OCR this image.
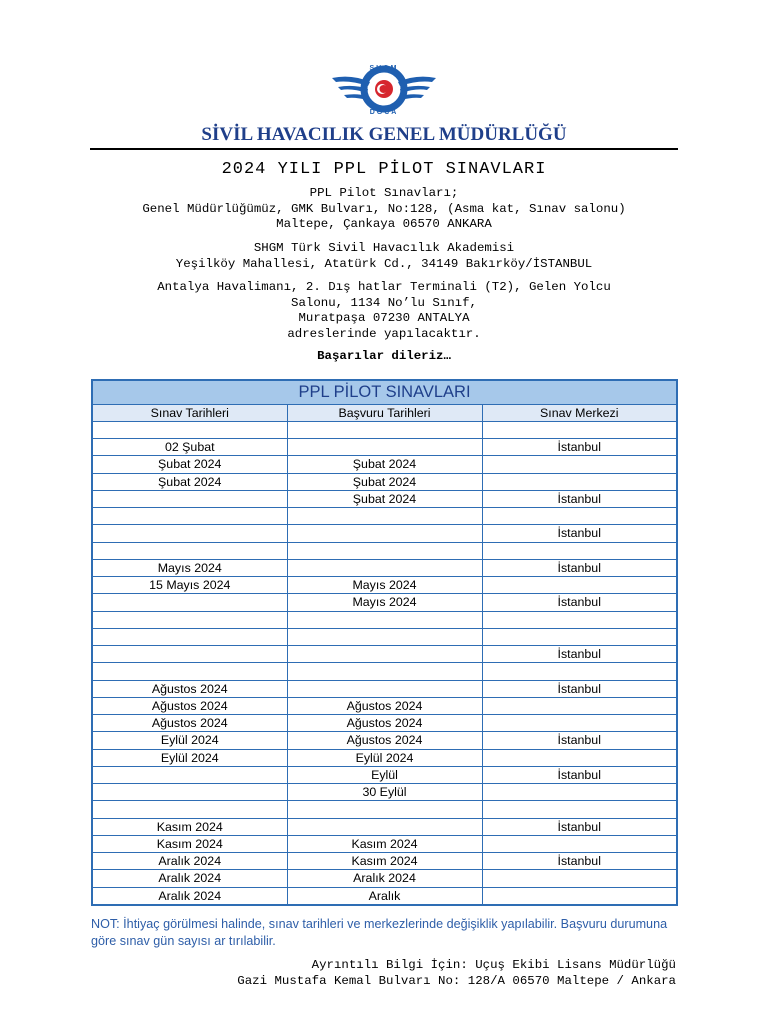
SHGM
DGCA
SİVİL HAVACILIK GENEL MÜDÜRLÜĞÜ
2024 YILI PPL PİLOT SINAVLARI
PPL Pilot Sınavları;
Genel Müdürlüğümüz, GMK Bulvarı, No:128, (Asma kat, Sınav salonu)
Maltepe, Çankaya 06570 ANKARA
SHGM Türk Sivil Havacılık Akademisi
Yeşilköy Mahallesi, Atatürk Cd., 34149 Bakırköy/İSTANBUL
Antalya Havalimanı, 2. Dış hatlar Terminali (T2), Gelen Yolcu
Salonu, 1134 No’lu Sınıf,
Muratpaşa 07230 ANTALYA
adreslerinde yapılacaktır.
Başarılar dileriz…
PPL PİLOT SINAVLARI		
Sınav Tarihleri	Başvuru Tarihleri	Sınav Merkezi

02 Şubat		İstanbul
Şubat 2024	Şubat 2024	
Şubat 2024	Şubat 2024	
	Şubat 2024	İstanbul

		İstanbul

Mayıs 2024		İstanbul
15 Mayıs 2024	Mayıs 2024	
	Mayıs 2024	İstanbul

		İstanbul

Ağustos 2024		İstanbul
Ağustos 2024	Ağustos 2024	
Ağustos 2024	Ağustos 2024	
Eylül 2024	Ağustos 2024	İstanbul
Eylül 2024	Eylül 2024	
	Eylül	İstanbul
	30 Eylül	

Kasım 2024		İstanbul
Kasım 2024	Kasım 2024	
Aralık 2024	Kasım 2024	İstanbul
Aralık 2024	Aralık 2024	
Aralık 2024	Aralık	
NOT: İhtiyaç görülmesi halinde, sınav tarihleri ve merkezlerinde değişiklik yapılabilir. Başvuru durumuna göre sınav gün sayısı ar tırılabilir.
Ayrıntılı Bilgi İçin: Uçuş Ekibi Lisans Müdürlüğü
Gazi Mustafa Kemal Bulvarı No: 128/A 06570 Maltepe / Ankara
